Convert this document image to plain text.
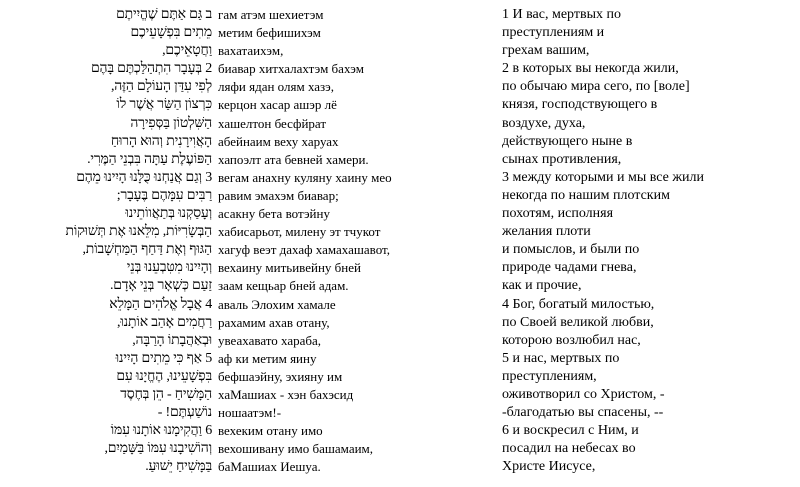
ב גַּם אַתֶּם שֶׁהֱיִיתֶם
מֵתִים בִּפְשָׁעֵיכֶם
וַחֲטָאֵיכֶם,
2 בְּעָבָר הִתְהַלַּכְתֶּם בָּהֶם
לְפִי עִדַּן הָעוֹלָם הַזֶּה,
כִּרְצוֹן הַשַּׂר אֲשֶׁר לוֹ
הַשִּׁלְטוֹן בַּסְּפִירָה
הָאֲוִירָנִית וְהוּא הָרוּחַ
הַפּוֹעֶלֶת עַתָּה בִּבְנֵי הַמֶּרִי.
3 וְגַם אֲנַחְנוּ כֻּלָּנוּ הָיִינוּ מֵהֶם
רַבִּים עִמָּהֶם בֶּעָבָר;
וְעָסַקְנוּ בְּתַאֲווֹתֵינוּ
הַבְּשָׂרִיּוֹת, מִלֵּאנוּ אֶת תְּשׁוּקוֹת
הַגּוּף וְאֶת דַּחַף הַמַּחְשָׁבוֹת,
וְהָיִינוּ מִטִּבְעֵנוּ בְּנֵי
זַעַם כְּשְׁאָר בְּנֵי אָדָם.
4 אֲבָל אֱלֹהִים הַמָּלֵא
רַחֲמִים אָהַב אוֹתָנוּ,
וּבְאַהֲבָתוֹ הָרַבָּה,
5 אַף כִּי מֵתִים הָיִינוּ
בִּפְשָׁעֵינוּ, הֶחֱיָנוּ עִם
הַמָּשִׁיחַ - הֵן בְּחֶסֶד
נוֹשַׁעְתֶּם! -
6 וַהֲקִימָנוּ אוֹתָנוּ עִמּוֹ
וְהוֹשִׁיבָנוּ עִמּוֹ בַּשָּׁמַיִם,
בַּמָּשִׁיחַ יֵשׁוּעַ.
гам атэм шехиетэм
метим бефишихэм
вахатаихэм,
биавар хитхалахтэм бахэм
ляфи ядан олям хазэ,
керцон хасар ашэр лё
хашелтон бесфйрат
абейнаим веху харуах
хапоэлт ата бевней хамери.
вегам анахну куляну хаину мео
равим эмахэм биавар;
асакну бета вотэйну
хабисарьот, милену эт тчукот
хагуф веэт дахаф хамахашавот,
вехаину митьивейну бней
заам кещьар бней адам.
аваль Элохим хамале
рахамим ахав отану,
увеахавато хараба,
аф ки метим яину
бефшаэйну, эхияну им
хаМашиах - хэн бахэсид
ношаатэм!-
вехеким отану имо
вехошивану имо башамаим,
баМашиах Иешуа.
1 И вас, мертвых по
преступлениям и
грехам вашим,
2 в которых вы некогда жили,
по обычаю мира сего, по [воле]
князя, господствующего в
воздухе, духа,
действующего ныне в
сынах противления,
3 между которыми и мы все жили
некогда по нашим плотским
похотям, исполняя
желания плоти
и помыслов, и были по
природе чадами гнева,
как и прочие,
4 Бог, богатый милостью,
по Своей великой любви,
которою возлюбил нас,
5 и нас, мертвых по
преступлениям,
оживотворил со Христом, -
-благодатью вы спасены, --
6 и воскресил с Ним, и
посадил на небесах во
Христе Иисусе,
